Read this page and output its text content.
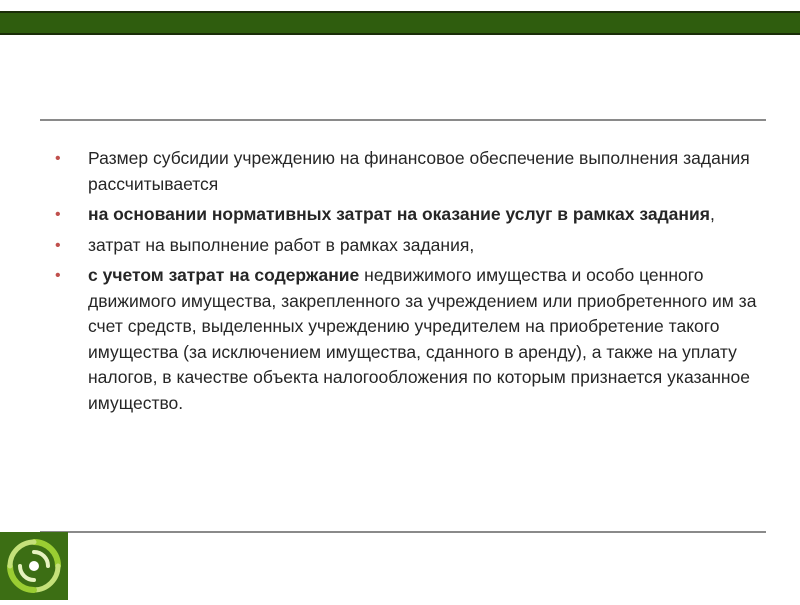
• Размер субсидии учреждению на финансовое обеспечение выполнения задания рассчитывается
• на основании нормативных затрат на оказание услуг в рамках задания,
• затрат на выполнение работ в рамках задания,
• с учетом затрат на содержание недвижимого имущества и особо ценного движимого имущества, закрепленного за учреждением или приобретенного им за счет средств, выделенных учреждению учредителем на приобретение такого имущества (за исключением имущества, сданного в аренду), а также на уплату налогов, в качестве объекта налогообложения по которым признается указанное имущество.
